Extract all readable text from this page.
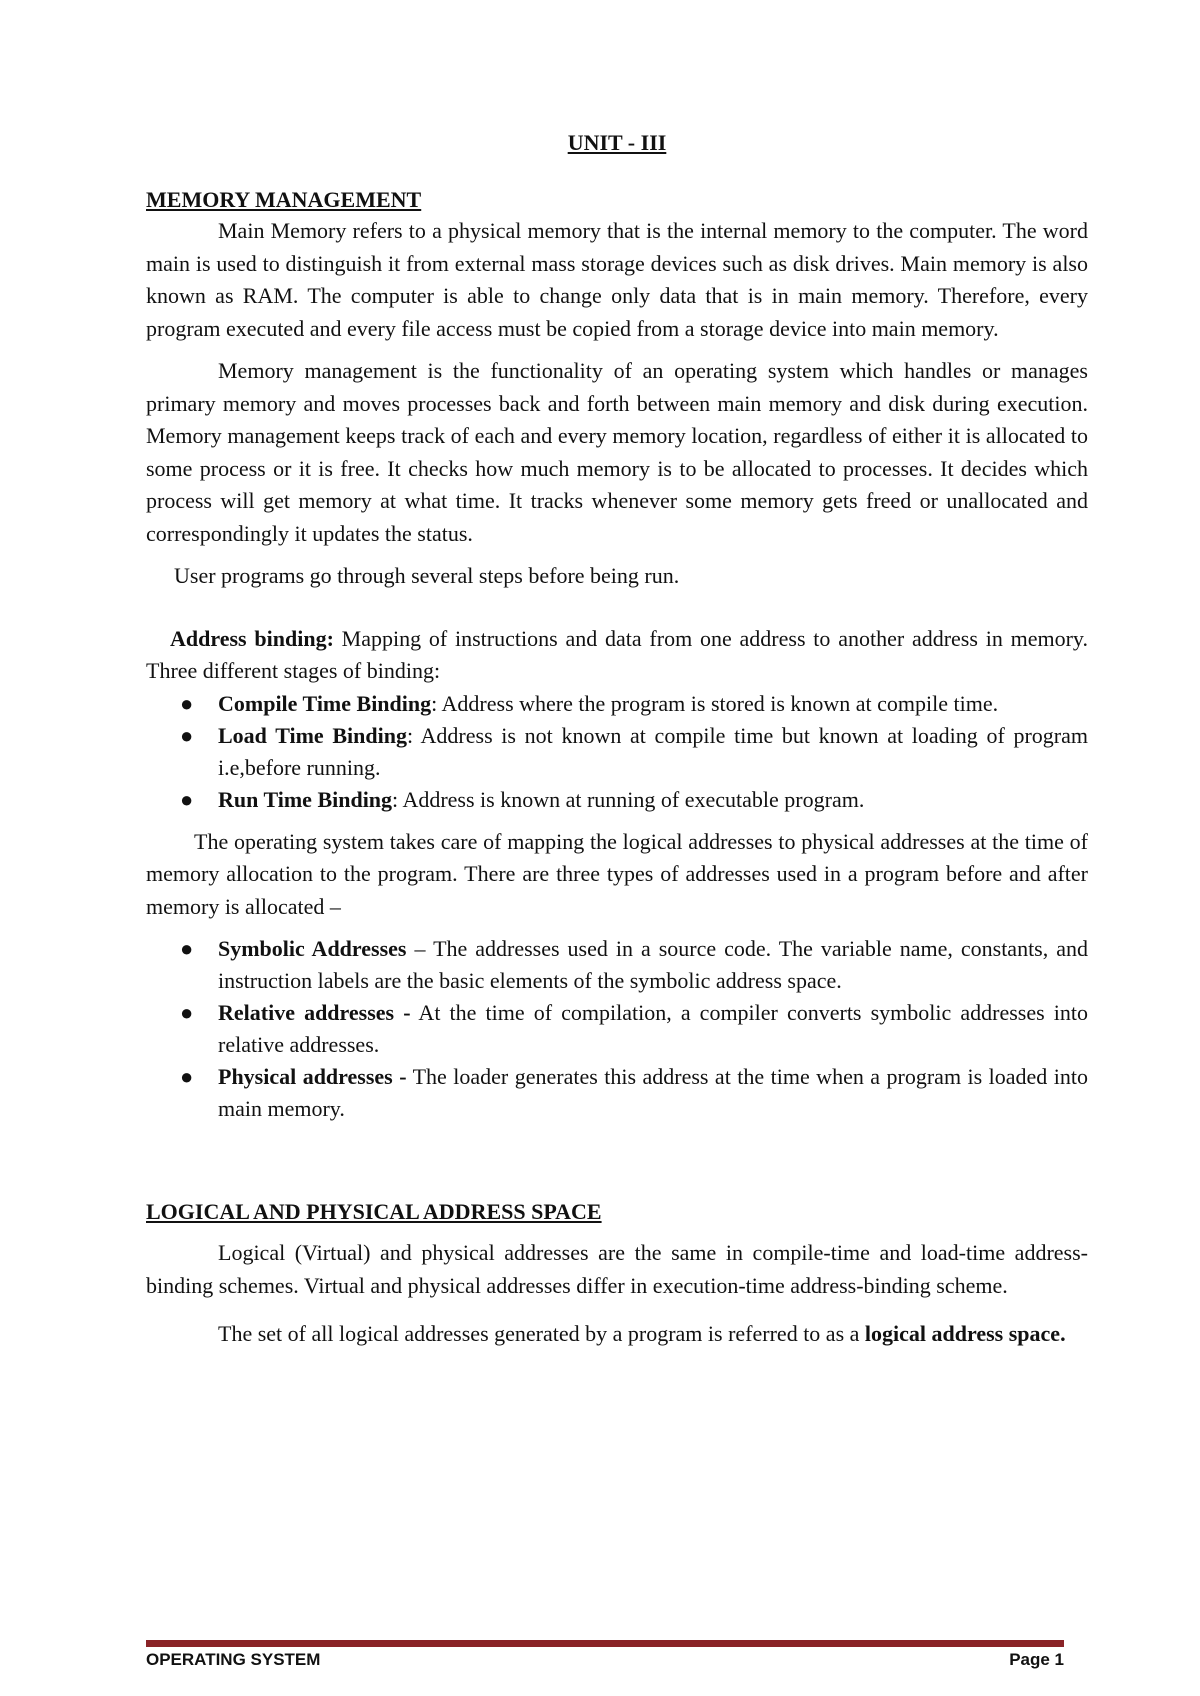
UNIT - III
MEMORY MANAGEMENT

Main Memory refers to a physical memory that is the internal memory to the computer. The word main is used to distinguish it from external mass storage devices such as disk drives. Main memory is also known as RAM. The computer is able to change only data that is in main memory. Therefore, every program executed and every file access must be copied from a storage device into main memory.

Memory management is the functionality of an operating system which handles or manages primary memory and moves processes back and forth between main memory and disk during execution. Memory management keeps track of each and every memory location, regardless of either it is allocated to some process or it is free. It checks how much memory is to be allocated to processes. It decides which process will get memory at what time. It tracks whenever some memory gets freed or unallocated and correspondingly it updates the status.

User programs go through several steps before being run.

Address binding: Mapping of instructions and data from one address to another address in memory. Three different stages of binding:

● Compile Time Binding: Address where the program is stored is known at compile time.
● Load Time Binding: Address is not known at compile time but known at loading of program i.e,before running.
● Run Time Binding: Address is known at running of executable program.

The operating system takes care of mapping the logical addresses to physical addresses at the time of memory allocation to the program. There are three types of addresses used in a program before and after memory is allocated –

● Symbolic Addresses – The addresses used in a source code. The variable name, constants, and instruction labels are the basic elements of the symbolic address space.
● Relative addresses - At the time of compilation, a compiler converts symbolic addresses into relative addresses.
● Physical addresses - The loader generates this address at the time when a program is loaded into main memory.
LOGICAL AND PHYSICAL ADDRESS SPACE

Logical (Virtual) and physical addresses are the same in compile-time and load-time address-binding schemes. Virtual and physical addresses differ in execution-time address-binding scheme.

The set of all logical addresses generated by a program is referred to as a logical address space.

OPERATING SYSTEM	Page 1
